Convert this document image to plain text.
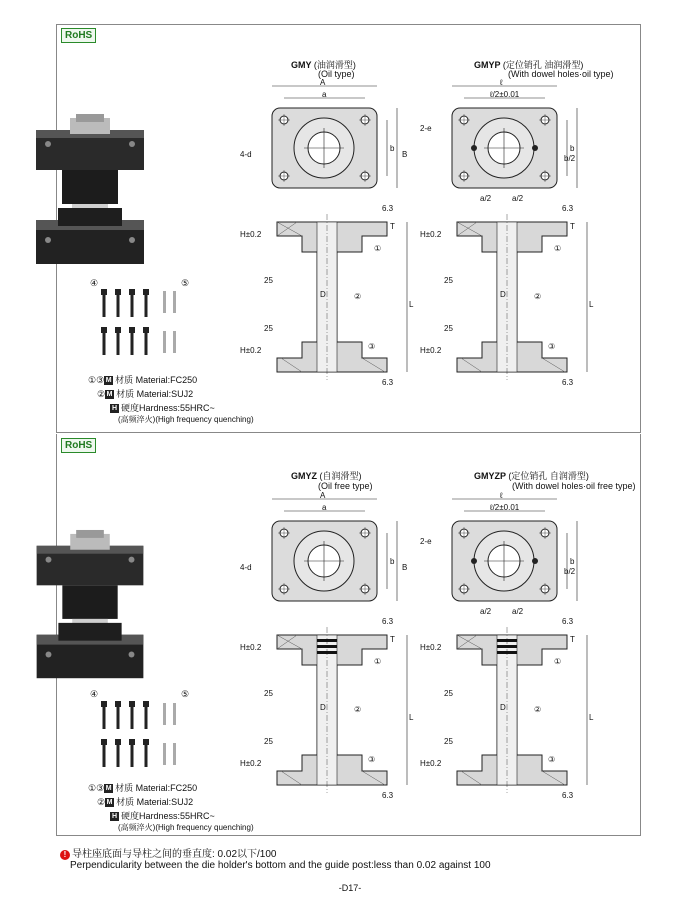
RoHS
RoHS
GMY (油润滑型)
(Oil type)
GMYP (定位销孔 油润滑型)
(With dowel holes·oil type)
GMYZ (自润滑型)
(Oil free type)
GMYZP (定位销孔 自润滑型)
(With dowel holes·oil free type)
④	⑤
④	⑤
①③ M 材质 Material:FC250
② M 材质 Material:SUJ2
H 硬度Hardness:55HRC~
(高频淬火)(High frequency quenching)
①③ M 材质 Material:FC250
② M 材质 Material:SUJ2
H 硬度Hardness:55HRC~
(高频淬火)(High frequency quenching)
A
a
B
b
4-d
H±0.2
H±0.2
6.3
6.3
25
25
D
L
T
①
②
③
ℓ
ℓ/2±0.01
b
b/2
2-e
a/2	a/2
H±0.2
H±0.2
6.3
6.3
25
25
D
L
T
①
②
③
A
a
B
b
4-d
H±0.2
H±0.2
6.3
6.3
25
25
D
L
T
①
②
③
ℓ
ℓ/2±0.01
b
b/2
2-e
a/2	a/2
H±0.2
H±0.2
6.3
6.3
25
25
D
L
T
①
②
③
! 导柱座底面与导柱之间的垂直度: 0.02以下/100
Perpendicularity between the die holder's bottom and the guide post:less than 0.02 against 100
-D17-
